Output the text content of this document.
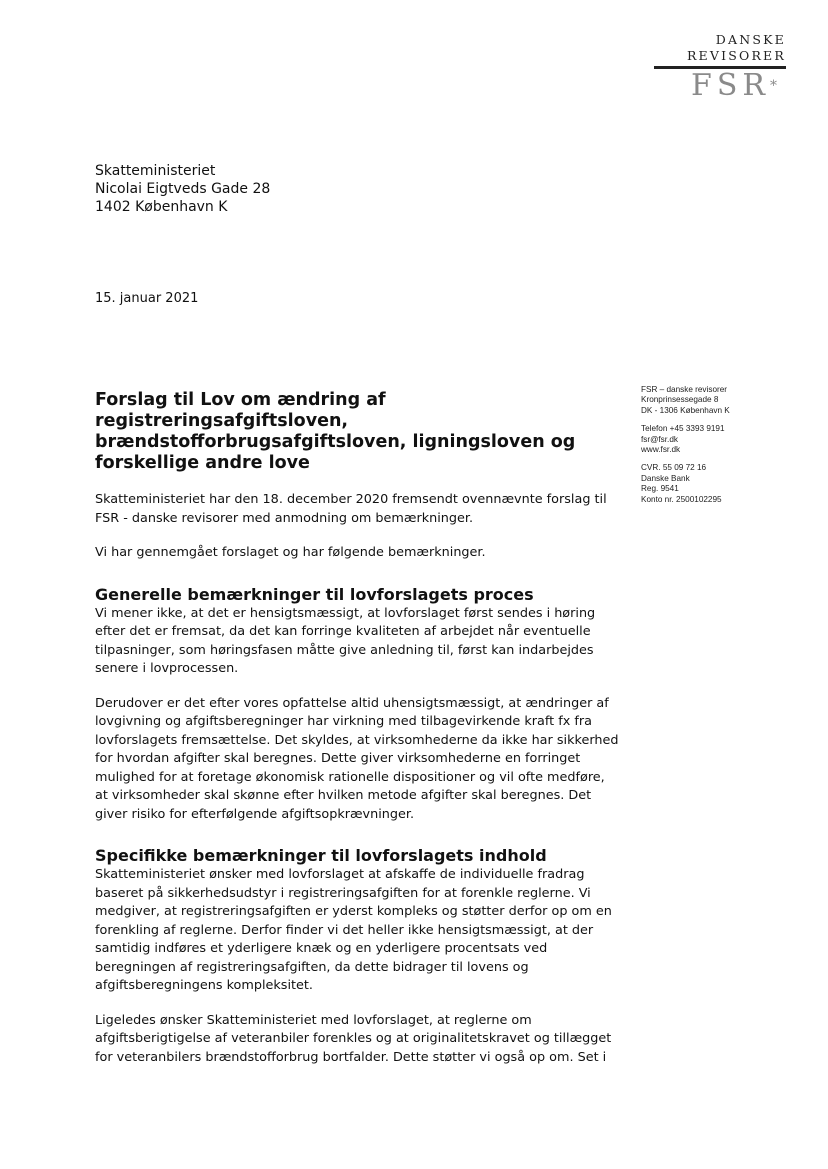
DANSKE
REVISORER
FSR*
Skatteministeriet
Nicolai Eigtveds Gade 28
1402 København K
15. januar 2021

FSR – danske revisorer
Kronprinsessegade 8
DK - 1306 København K

Telefon +45 3393 9191
fsr@fsr.dk
www.fsr.dk

CVR. 55 09 72 16
Danske Bank
Reg. 9541
Konto nr. 2500102295

Forslag til Lov om ændring af
registreringsafgiftsloven,
brændstofforbrugsafgiftsloven, ligningsloven og
forskellige andre love

Skatteministeriet har den 18. december 2020 fremsendt ovennævnte forslag til
FSR - danske revisorer med anmodning om bemærkninger.

Vi har gennemgået forslaget og har følgende bemærkninger.

Generelle bemærkninger til lovforslagets proces

Vi mener ikke, at det er hensigtsmæssigt, at lovforslaget først sendes i høring
efter det er fremsat, da det kan forringe kvaliteten af arbejdet når eventuelle
tilpasninger, som høringsfasen måtte give anledning til, først kan indarbejdes
senere i lovprocessen.

Derudover er det efter vores opfattelse altid uhensigtsmæssigt, at ændringer af
lovgivning og afgiftsberegninger har virkning med tilbagevirkende kraft fx fra
lovforslagets fremsættelse. Det skyldes, at virksomhederne da ikke har sikkerhed
for hvordan afgifter skal beregnes. Dette giver virksomhederne en forringet
mulighed for at foretage økonomisk rationelle dispositioner og vil ofte medføre,
at virksomheder skal skønne efter hvilken metode afgifter skal beregnes. Det
giver risiko for efterfølgende afgiftsopkrævninger.

Specifikke bemærkninger til lovforslagets indhold

Skatteministeriet ønsker med lovforslaget at afskaffe de individuelle fradrag
baseret på sikkerhedsudstyr i registreringsafgiften for at forenkle reglerne. Vi
medgiver, at registreringsafgiften er yderst kompleks og støtter derfor op om en
forenkling af reglerne. Derfor finder vi det heller ikke hensigtsmæssigt, at der
samtidig indføres et yderligere knæk og en yderligere procentsats ved
beregningen af registreringsafgiften, da dette bidrager til lovens og
afgiftsberegningens kompleksitet.

Ligeledes ønsker Skatteministeriet med lovforslaget, at reglerne om
afgiftsberigtigelse af veteranbiler forenkles og at originalitetskravet og tillægget
for veteranbilers brændstofforbrug bortfalder. Dette støtter vi også op om. Set i
